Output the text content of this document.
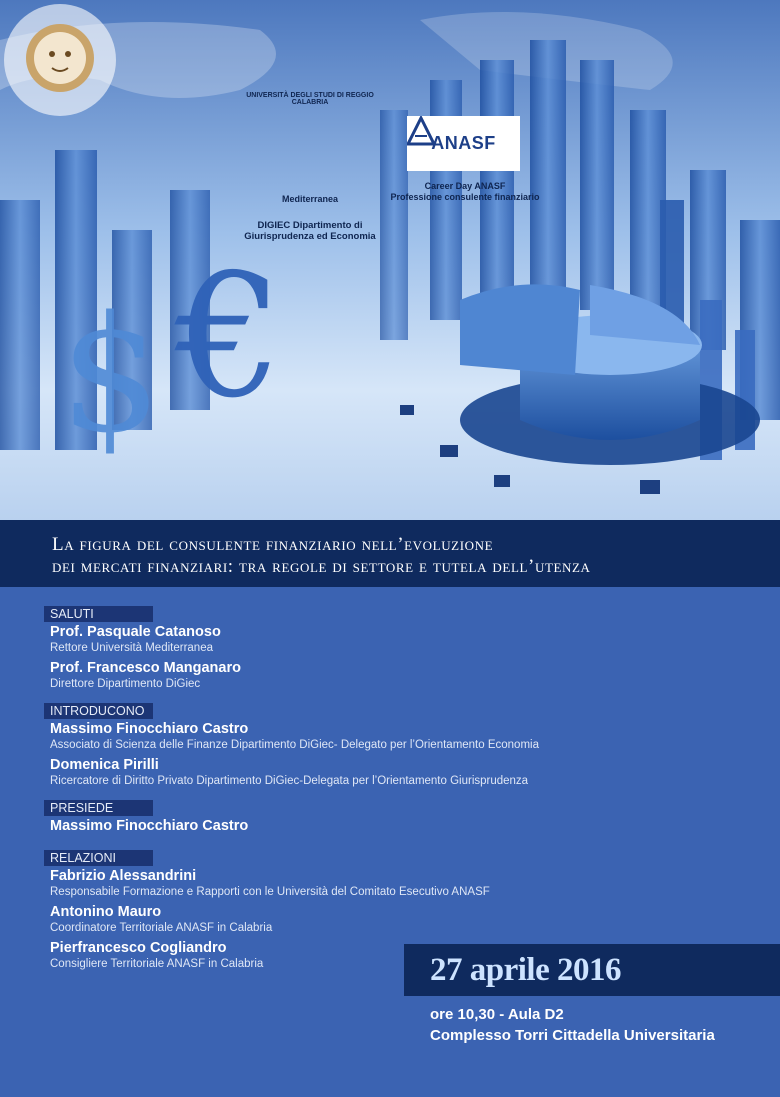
€
$
UNIVERSITÀ DEGLI STUDI DI REGGIO CALABRIA
Mediterranea
DIGIEC Dipartimento di
Giurisprudenza ed Economia
ANASF
Career Day ANASF
Professione consulente finanziario
La figura del consulente finanziario nell’evoluzione
dei mercati finanziari: tra regole di settore e tutela dell’utenza
SALUTI
Prof. Pasquale Catanoso
Rettore Università Mediterranea
Prof. Francesco Manganaro
Direttore Dipartimento DiGiec
INTRODUCONO
Massimo Finocchiaro Castro
Associato di Scienza delle Finanze Dipartimento DiGiec- Delegato per l’Orientamento Economia
Domenica Pirilli
Ricercatore di Diritto Privato Dipartimento DiGiec-Delegata per l’Orientamento Giurisprudenza
PRESIEDE
Massimo Finocchiaro Castro
RELAZIONI
Fabrizio Alessandrini
Responsabile Formazione e Rapporti con le Università del Comitato Esecutivo ANASF
Antonino Mauro
Coordinatore Territoriale ANASF in Calabria
Pierfrancesco Cogliandro
Consigliere Territoriale ANASF in Calabria	27 aprile 2016
ore 10,30 - Aula D2
Complesso Torri Cittadella Universitaria
